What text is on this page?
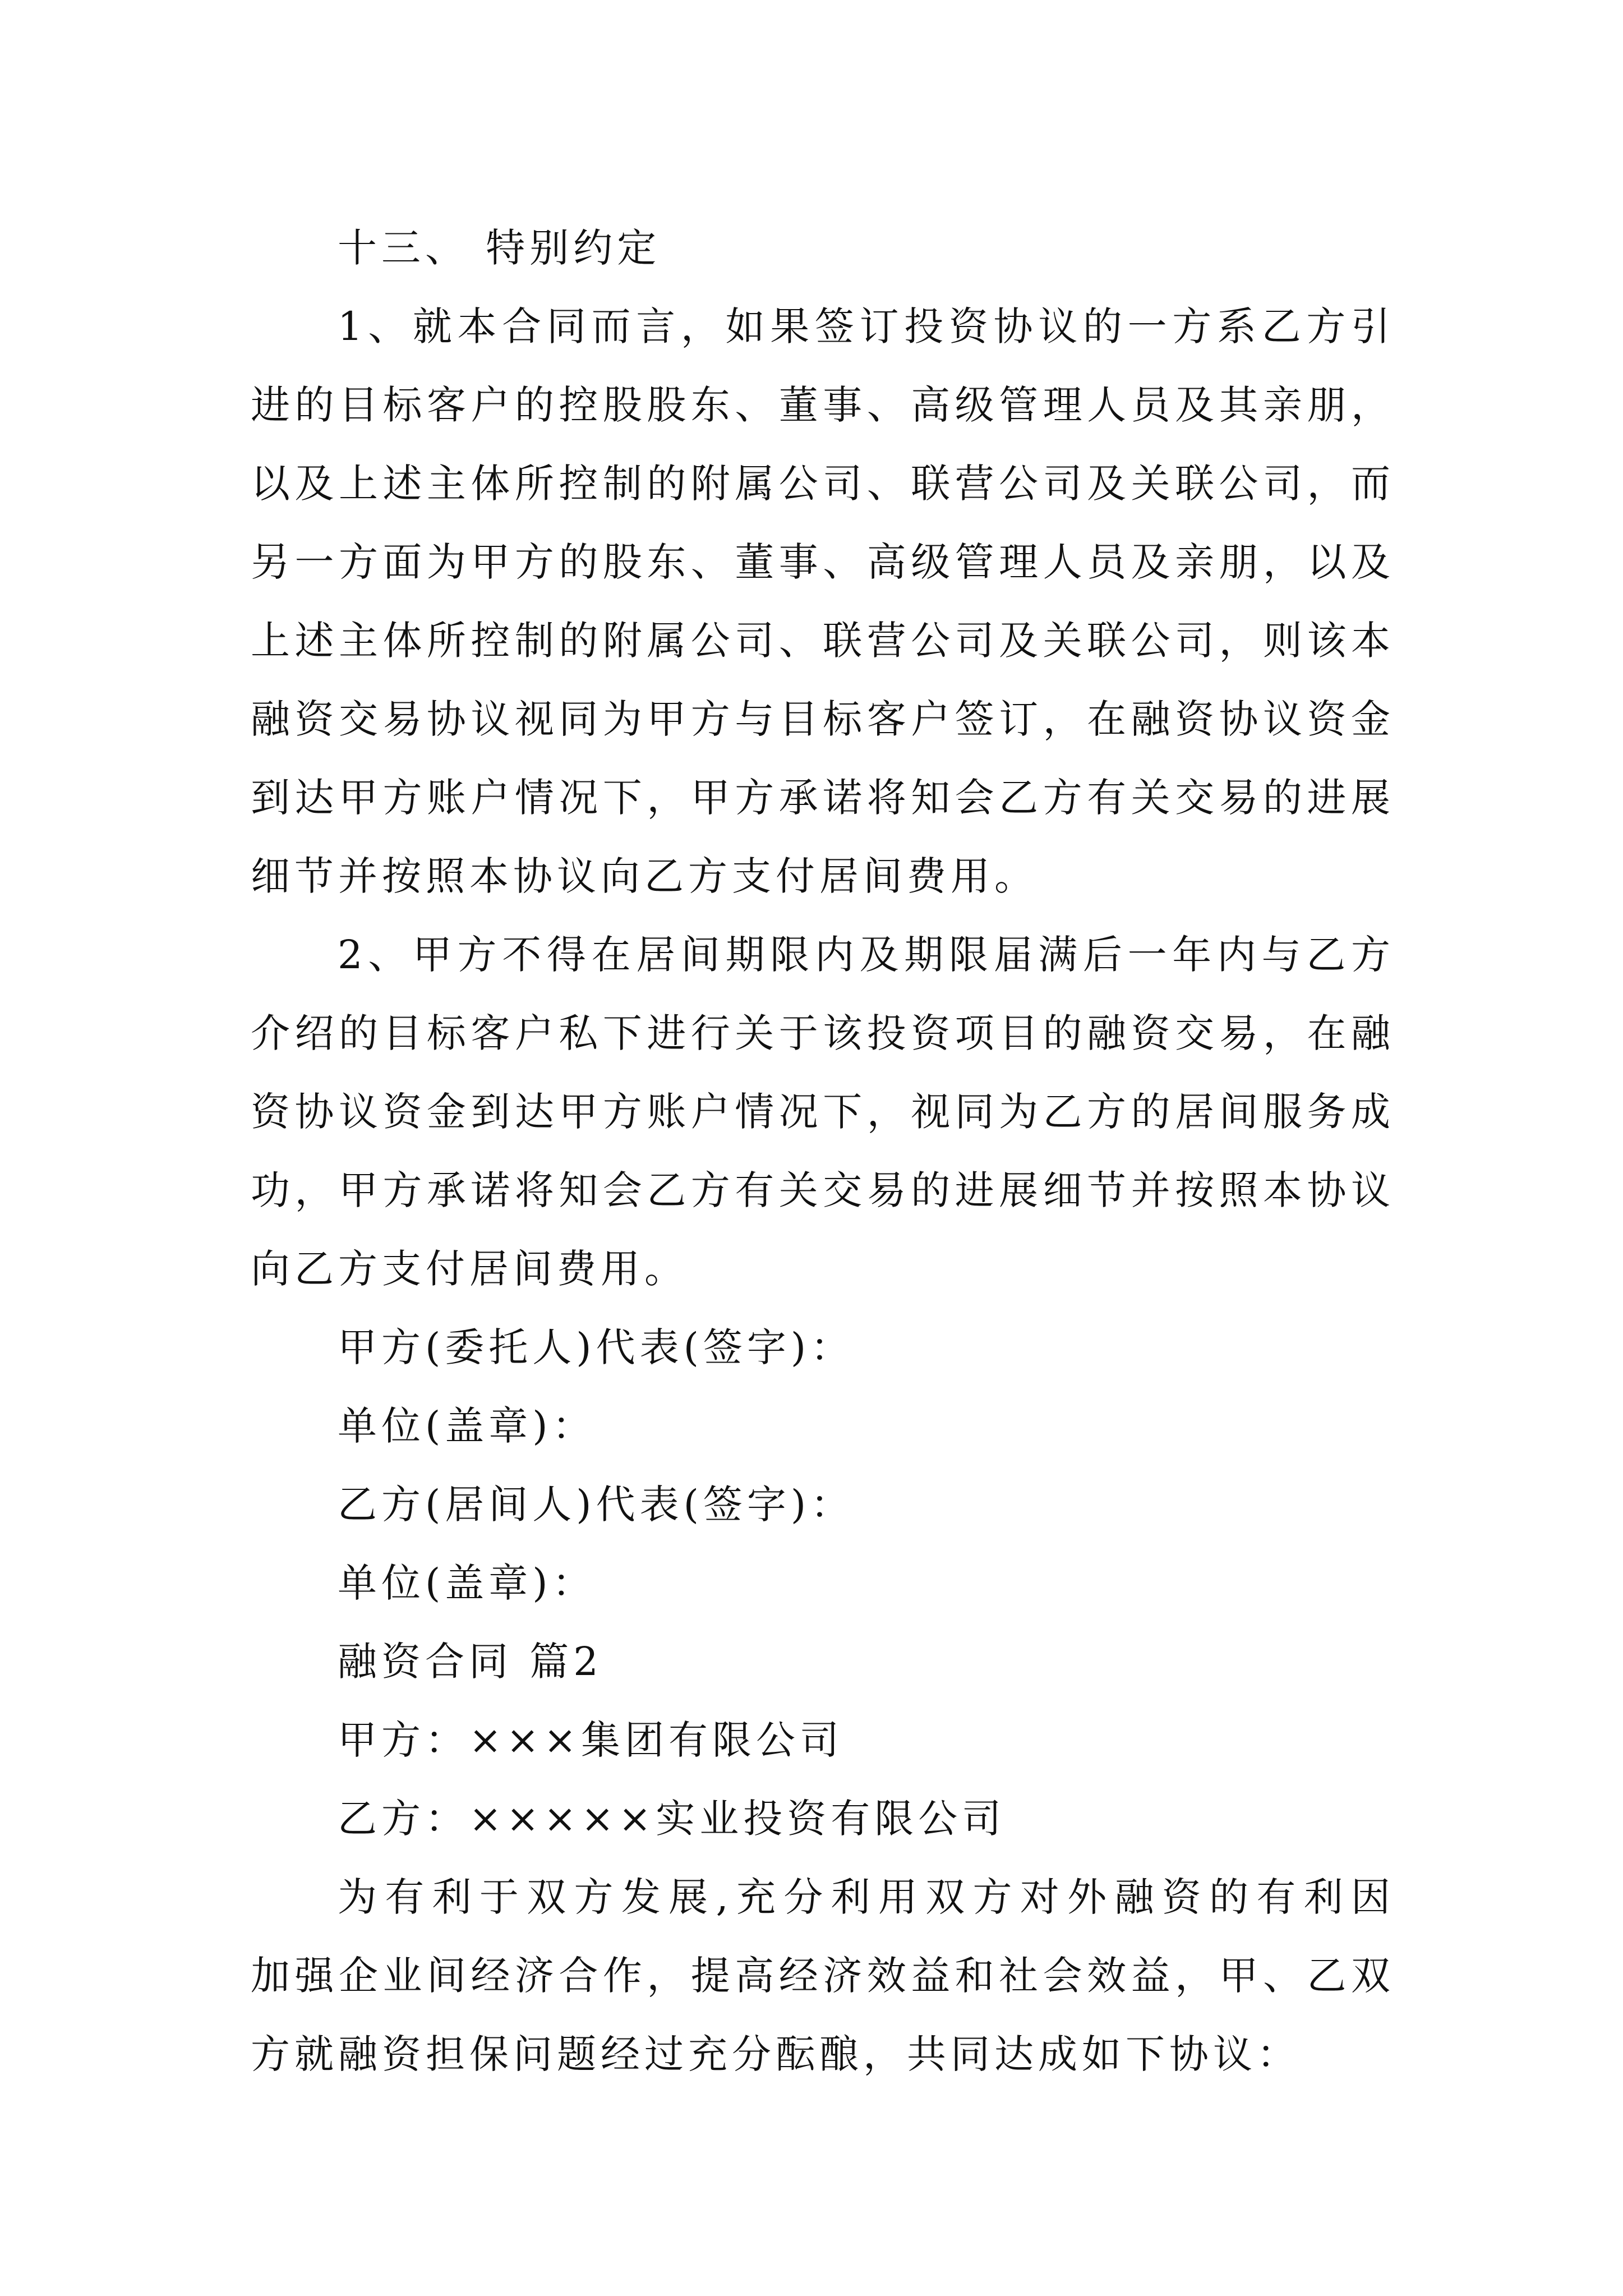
十三、 特别约定
1、就本合同而言，如果签订投资协议的一方系乙方引
进的目标客户的控股股东、董事、高级管理人员及其亲朋，
以及上述主体所控制的附属公司、联营公司及关联公司，而
另一方面为甲方的股东、董事、高级管理人员及亲朋，以及
上述主体所控制的附属公司、联营公司及关联公司，则该本
融资交易协议视同为甲方与目标客户签订，在融资协议资金
到达甲方账户情况下，甲方承诺将知会乙方有关交易的进展
细节并按照本协议向乙方支付居间费用。
2、甲方不得在居间期限内及期限届满后一年内与乙方
介绍的目标客户私下进行关于该投资项目的融资交易，在融
资协议资金到达甲方账户情况下，视同为乙方的居间服务成
功，甲方承诺将知会乙方有关交易的进展细节并按照本协议
向乙方支付居间费用。
甲方(委托人)代表(签字)：
单位(盖章)：
乙方(居间人)代表(签字)：
单位(盖章)：
融资合同 篇2
甲方：×××集团有限公司
乙方：×××××实业投资有限公司
为有利于双方发展,充分利用双方对外融资的有利因
加强企业间经济合作，提高经济效益和社会效益，甲、乙双
方就融资担保问题经过充分酝酿，共同达成如下协议：
